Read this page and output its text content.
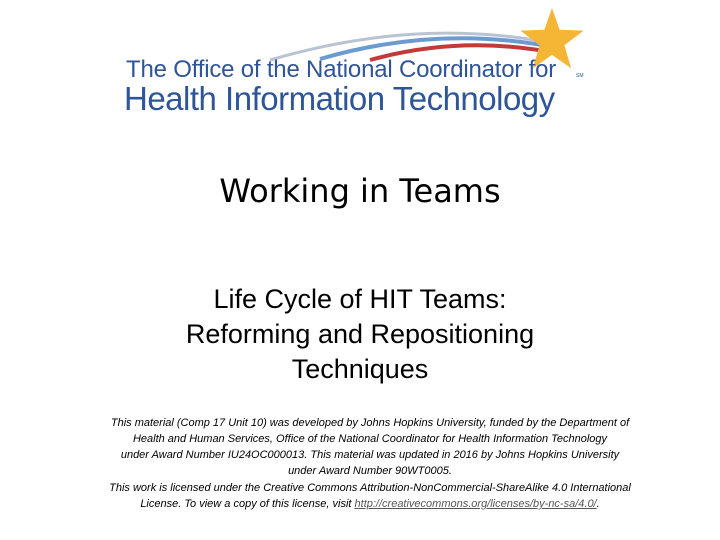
The Office of the National Coordinator for
Health Information Technology
SM
Working in Teams
Life Cycle of HIT Teams:
Reforming and Repositioning
Techniques

This material (Comp 17 Unit 10) was developed by Johns Hopkins University, funded by the Department of

Health and Human Services, Office of the National Coordinator for Health Information Technology

under Award Number IU24OC000013. This material was updated in 2016 by Johns Hopkins University

under Award Number 90WT0005.

This work is licensed under the Creative Commons Attribution-NonCommercial-ShareAlike 4.0 International

License. To view a copy of this license, visit http://creativecommons.org/licenses/by-nc-sa/4.0/.
